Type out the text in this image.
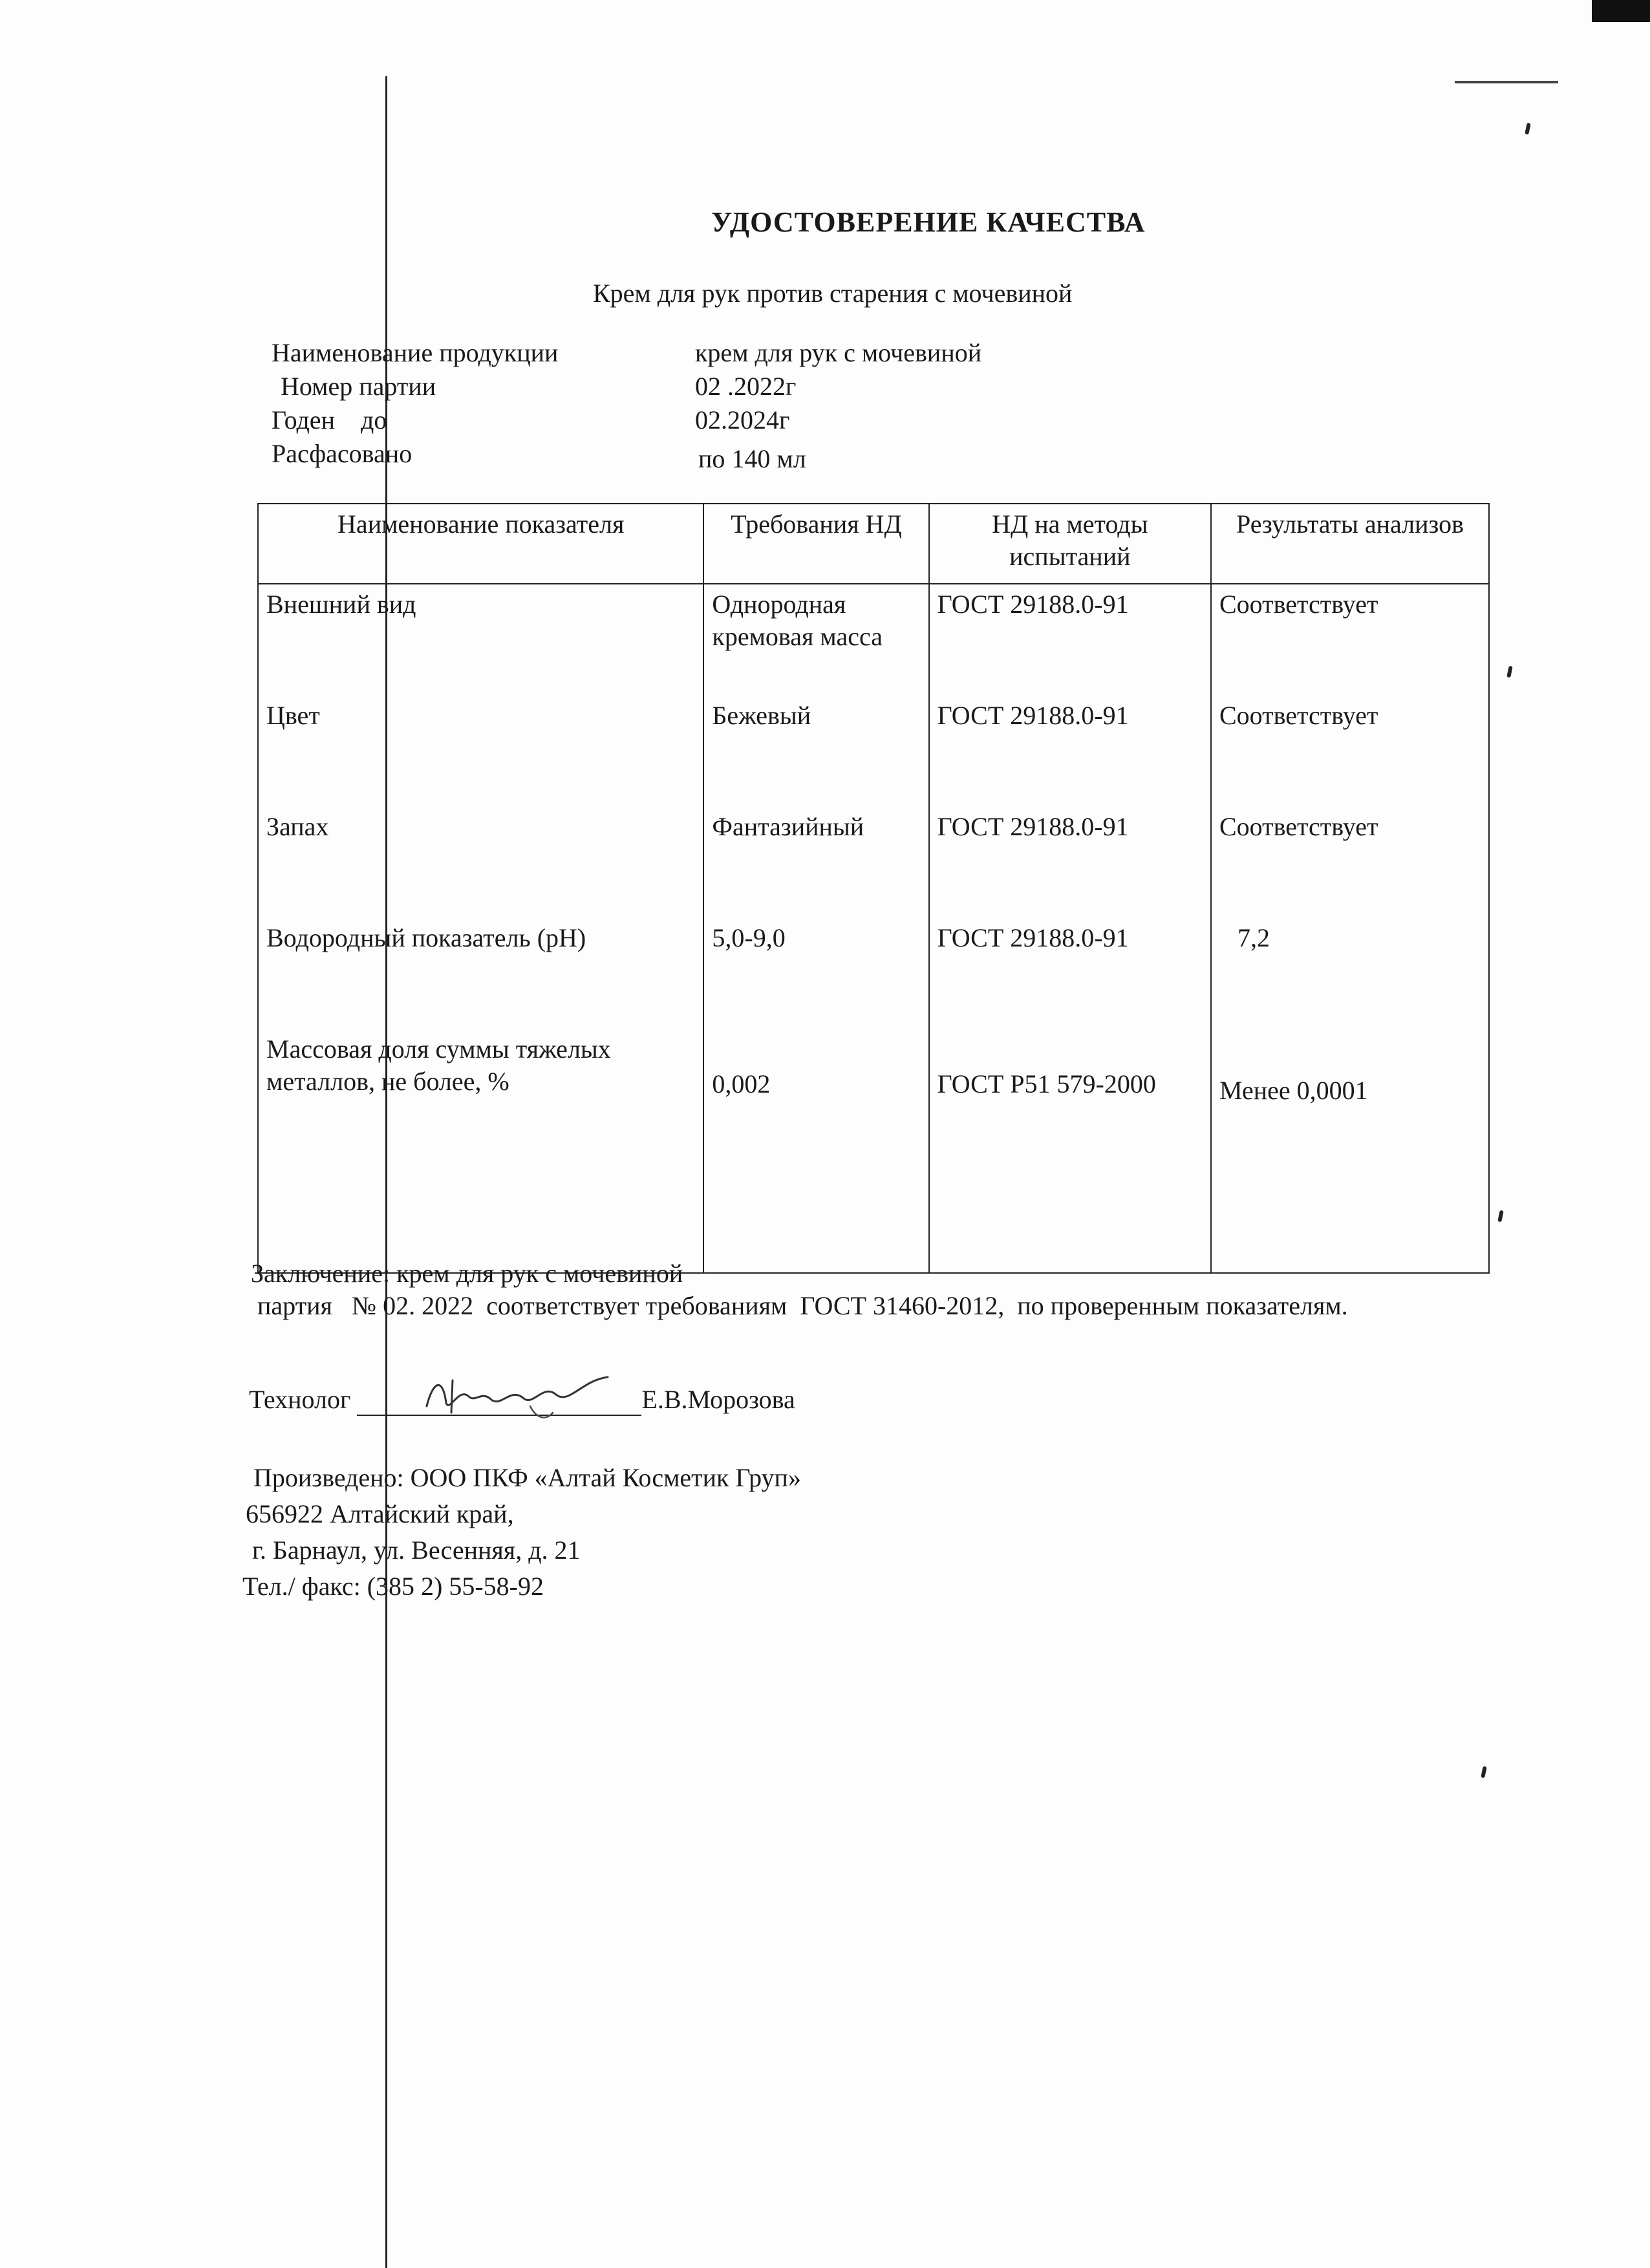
УДОСТОВЕРЕНИЕ КАЧЕСТВА
Крем для рук против старения с мочевиной
Наименование продукции	крем для рук с мочевиной
Номер партии	02 .2022г
Годен    до	02.2024г
Расфасовано	по 140 мл
Наименование показателя	Требования НД	НД на методы испытаний	Результаты анализов
Внешний вид	Однородная кремовая масса	ГОСТ 29188.0-91	Соответствует
Цвет	Бежевый	ГОСТ 29188.0-91	Соответствует
Запах	Фантазийный	ГОСТ 29188.0-91	Соответствует
Водородный показатель (pH)	5,0-9,0	ГОСТ 29188.0-91	7,2
Массовая доля суммы тяжелых металлов, не более, %	0,002	ГОСТ Р51 579-2000	Менее 0,0001
Заключение: крем для рук с мочевиной
партия   № 02. 2022  соответствует требованиям  ГОСТ 31460-2012,  по проверенным показателям.
Технолог	Е.В.Морозова
Произведено: ООО ПКФ «Алтай Косметик Груп»
656922 Алтайский край,
г. Барнаул, ул. Весенняя, д. 21
Тел./ факс: (385 2) 55-58-92
